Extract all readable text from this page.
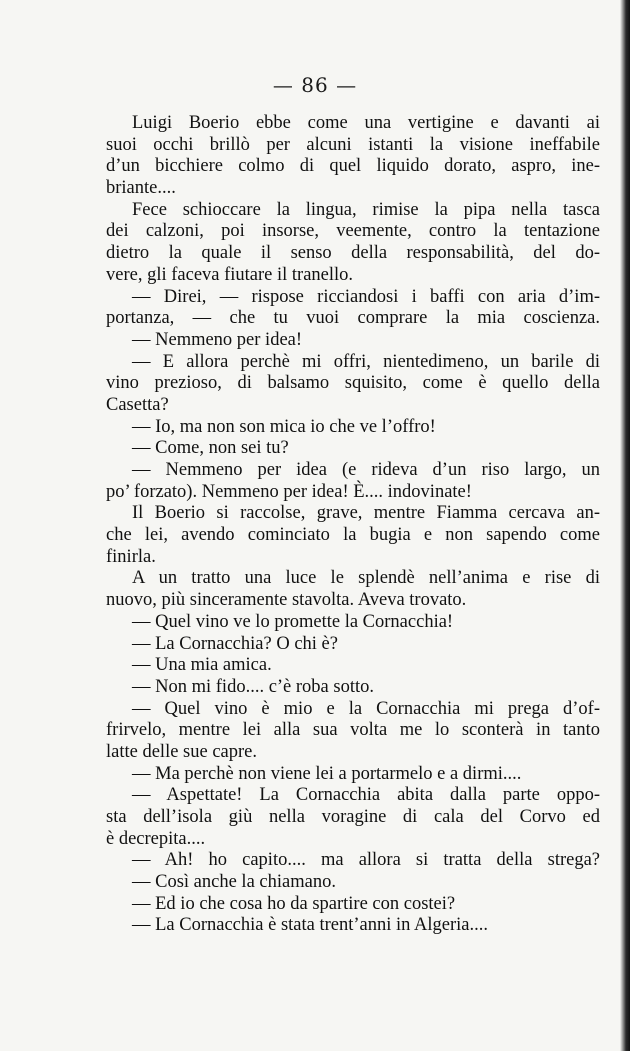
— 86 —
Luigi Boerio ebbe come una vertigine e davanti ai
suoi occhi brillò per alcuni istanti la visione ineffabile
d’un bicchiere colmo di quel liquido dorato, aspro, ine-
briante....
Fece schioccare la lingua, rimise la pipa nella tasca
dei calzoni, poi insorse, veemente, contro la tentazione
dietro la quale il senso della responsabilità, del do-
vere, gli faceva fiutare il tranello.
— Direi, — rispose ricciandosi i baffi con aria d’im-
portanza, — che tu vuoi comprare la mia coscienza.
— Nemmeno per idea!
— E allora perchè mi offri, nientedimeno, un barile di
vino prezioso, di balsamo squisito, come è quello della
Casetta?
— Io, ma non son mica io che ve l’offro!
— Come, non sei tu?
— Nemmeno per idea (e rideva d’un riso largo, un
po’ forzato). Nemmeno per idea! È.... indovinate!
Il Boerio si raccolse, grave, mentre Fiamma cercava an-
che lei, avendo cominciato la bugia e non sapendo come
finirla.
A un tratto una luce le splendè nell’anima e rise di
nuovo, più sinceramente stavolta. Aveva trovato.
— Quel vino ve lo promette la Cornacchia!
— La Cornacchia? O chi è?
— Una mia amica.
— Non mi fido.... c’è roba sotto.
— Quel vino è mio e la Cornacchia mi prega d’of-
frirvelo, mentre lei alla sua volta me lo sconterà in tanto
latte delle sue capre.
— Ma perchè non viene lei a portarmelo e a dirmi....
— Aspettate! La Cornacchia abita dalla parte oppo-
sta dell’isola giù nella voragine di cala del Corvo ed
è decrepita....
— Ah! ho capito.... ma allora si tratta della strega?
— Così anche la chiamano.
— Ed io che cosa ho da spartire con costei?
— La Cornacchia è stata trent’anni in Algeria....
